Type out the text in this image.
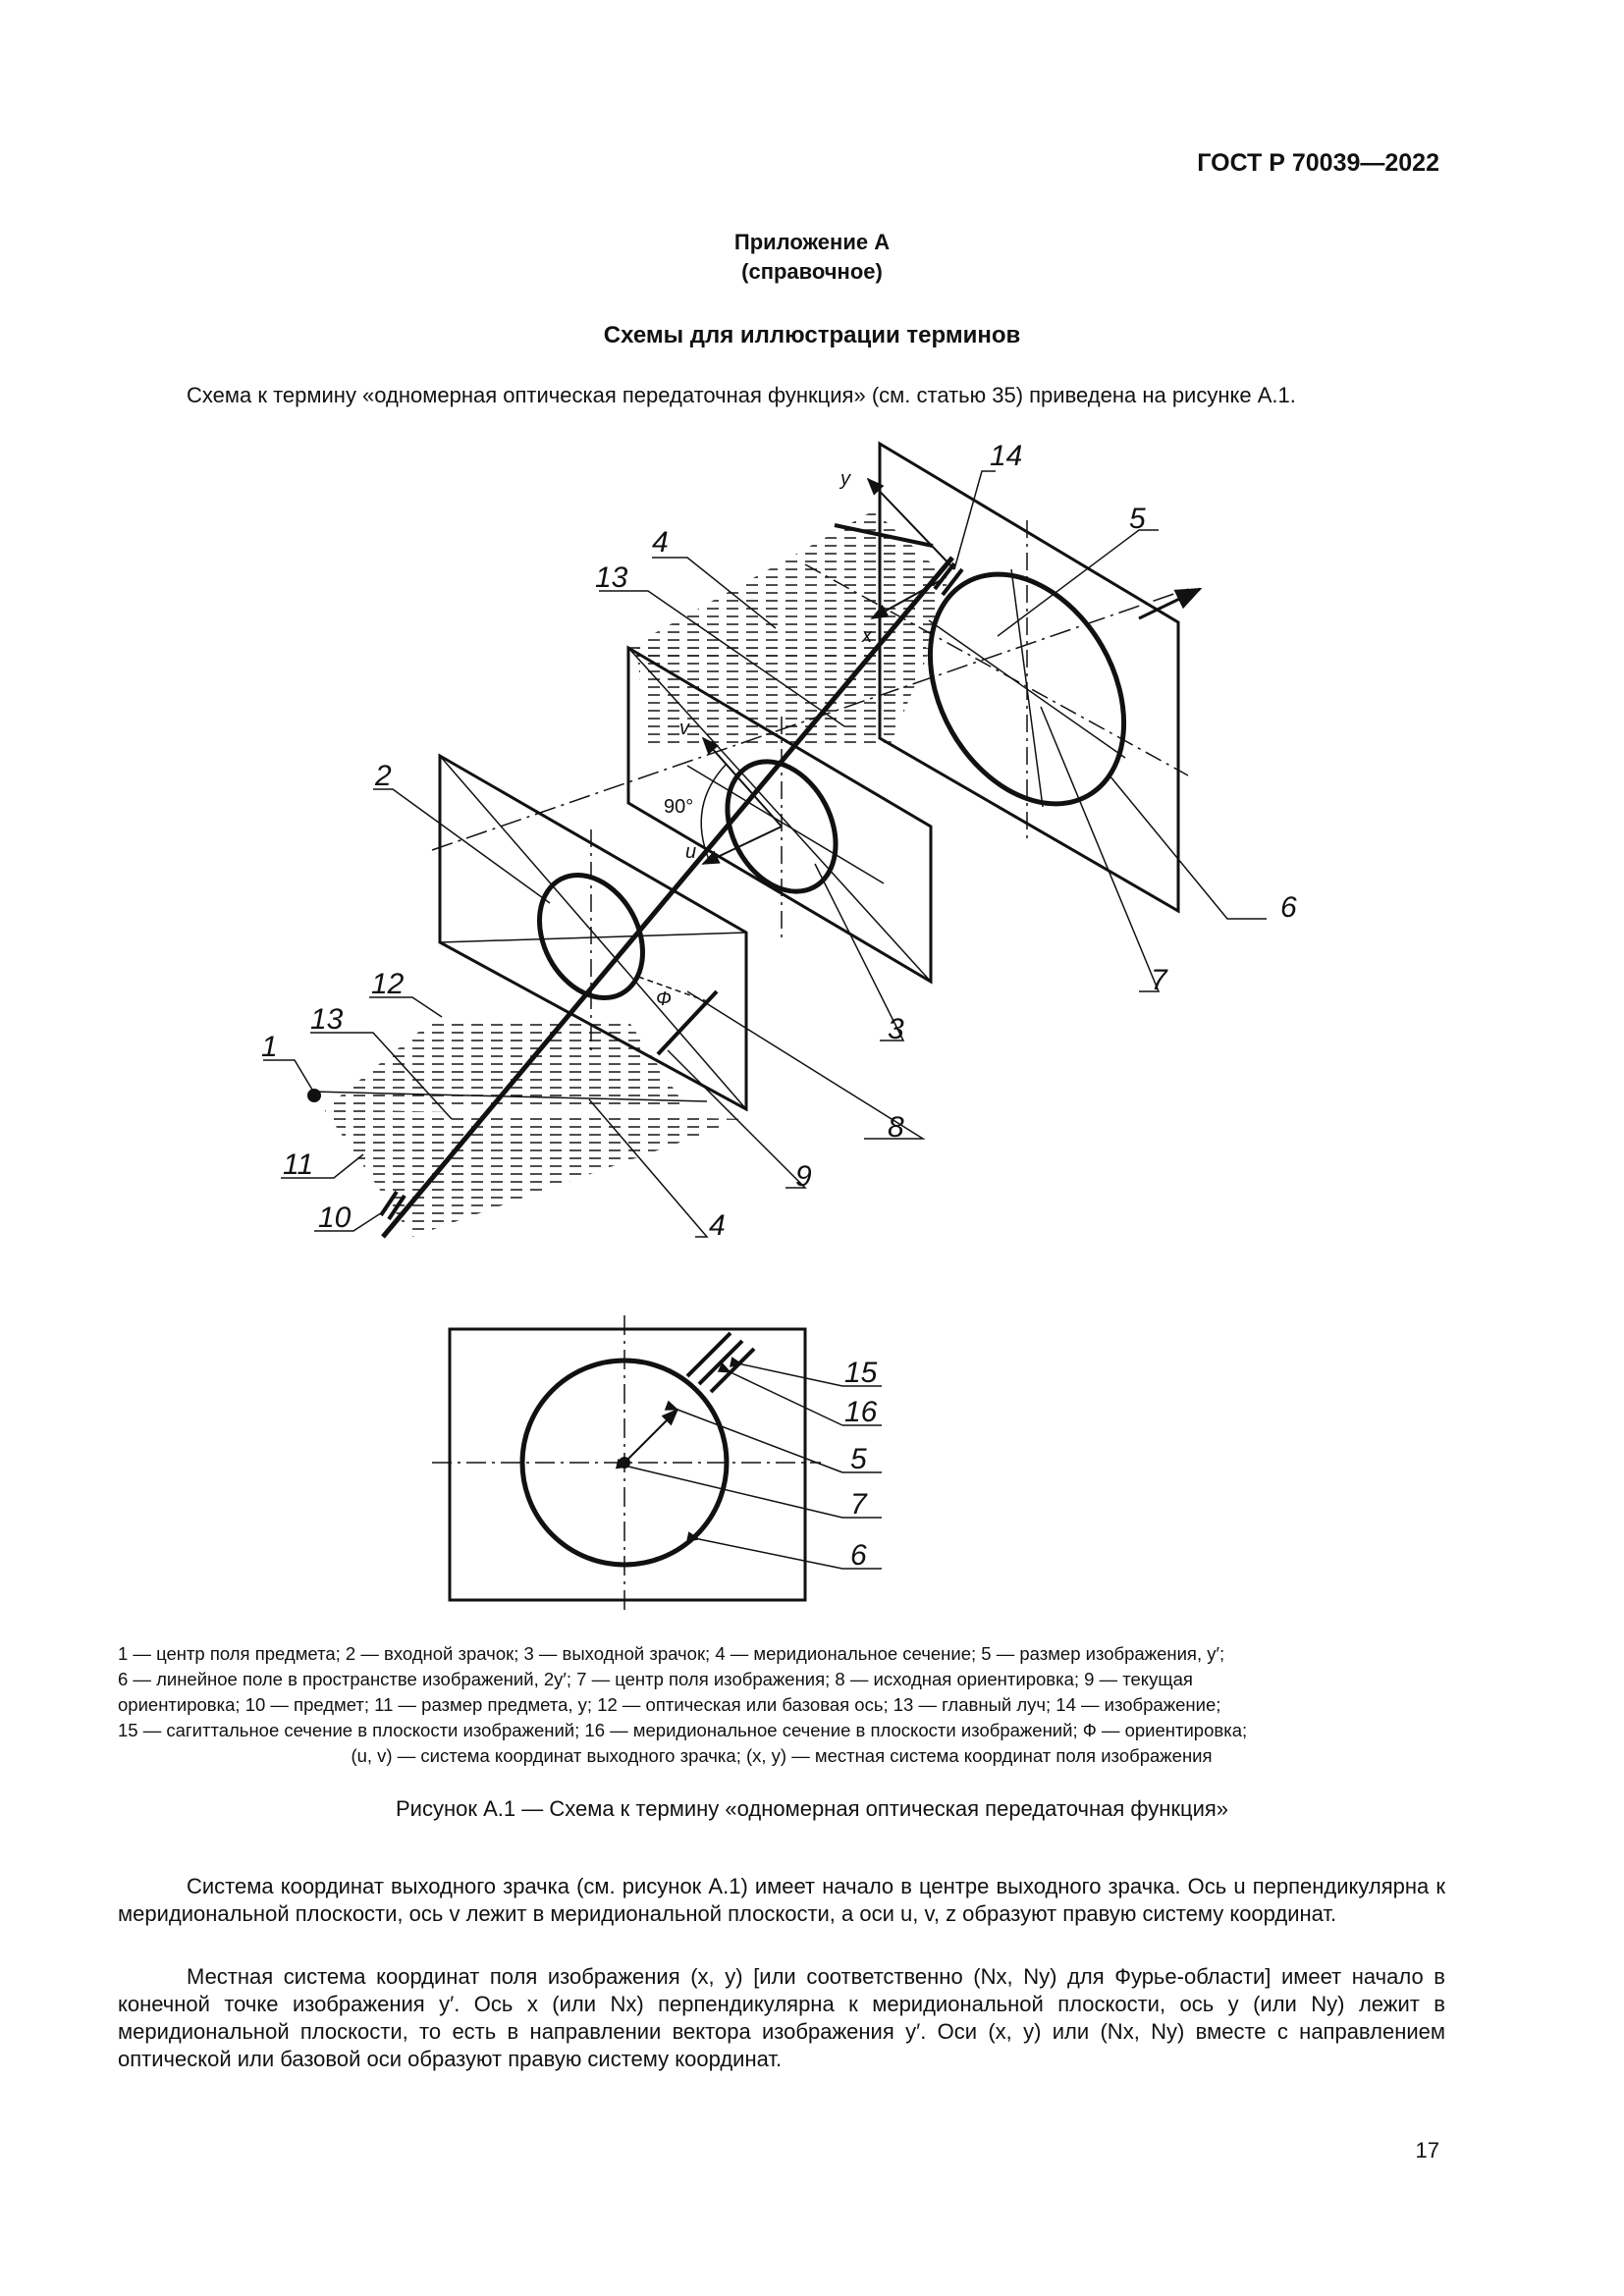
ГОСТ Р 70039—2022
Приложение А
(справочное)
Схемы для иллюстрации терминов
Схема к термину «одномерная оптическая передаточная функция» (см. статью 35) приведена на рисунке А.1.
14
5
4
13
6
7
3
8
9
4
2
12
13
1
11
10
y
x
v
u
90°
Ф
15
16
5
7
6
1 — центр поля предмета; 2 — входной зрачок; 3 — выходной зрачок; 4 — меридиональное сечение; 5 — размер изображения, y′;
6 — линейное поле в пространстве изображений, 2y′; 7 — центр поля изображения; 8 — исходная ориентировка; 9 — текущая
ориентировка; 10 — предмет; 11 — размер предмета, y; 12 — оптическая или базовая ось; 13 — главный луч; 14 — изображение;
15 — сагиттальное сечение в плоскости изображений; 16 — меридиональное сечение в плоскости изображений; Ф — ориентировка;
(u, v) — система координат выходного зрачка; (x, y) — местная система координат поля изображения
Рисунок А.1 — Схема к термину «одномерная оптическая передаточная функция»
Система координат выходного зрачка (см. рисунок А.1) имеет начало в центре выходного зрачка. Ось u перпендикулярна к меридиональной плоскости, ось v лежит в меридиональной плоскости, а оси u, v, z образуют правую систему координат.
Местная система координат поля изображения (x, y) [или соответственно (Nx, Ny) для Фурье-области] имеет начало в конечной точке изображения y′. Ось x (или Nx) перпендикулярна к меридиональной плоскости, ось y (или Ny) лежит в меридиональной плоскости, то есть в направлении вектора изображения y′. Оси (x, y) или (Nx, Ny) вместе с направлением оптической или базовой оси образуют правую систему координат.
17
